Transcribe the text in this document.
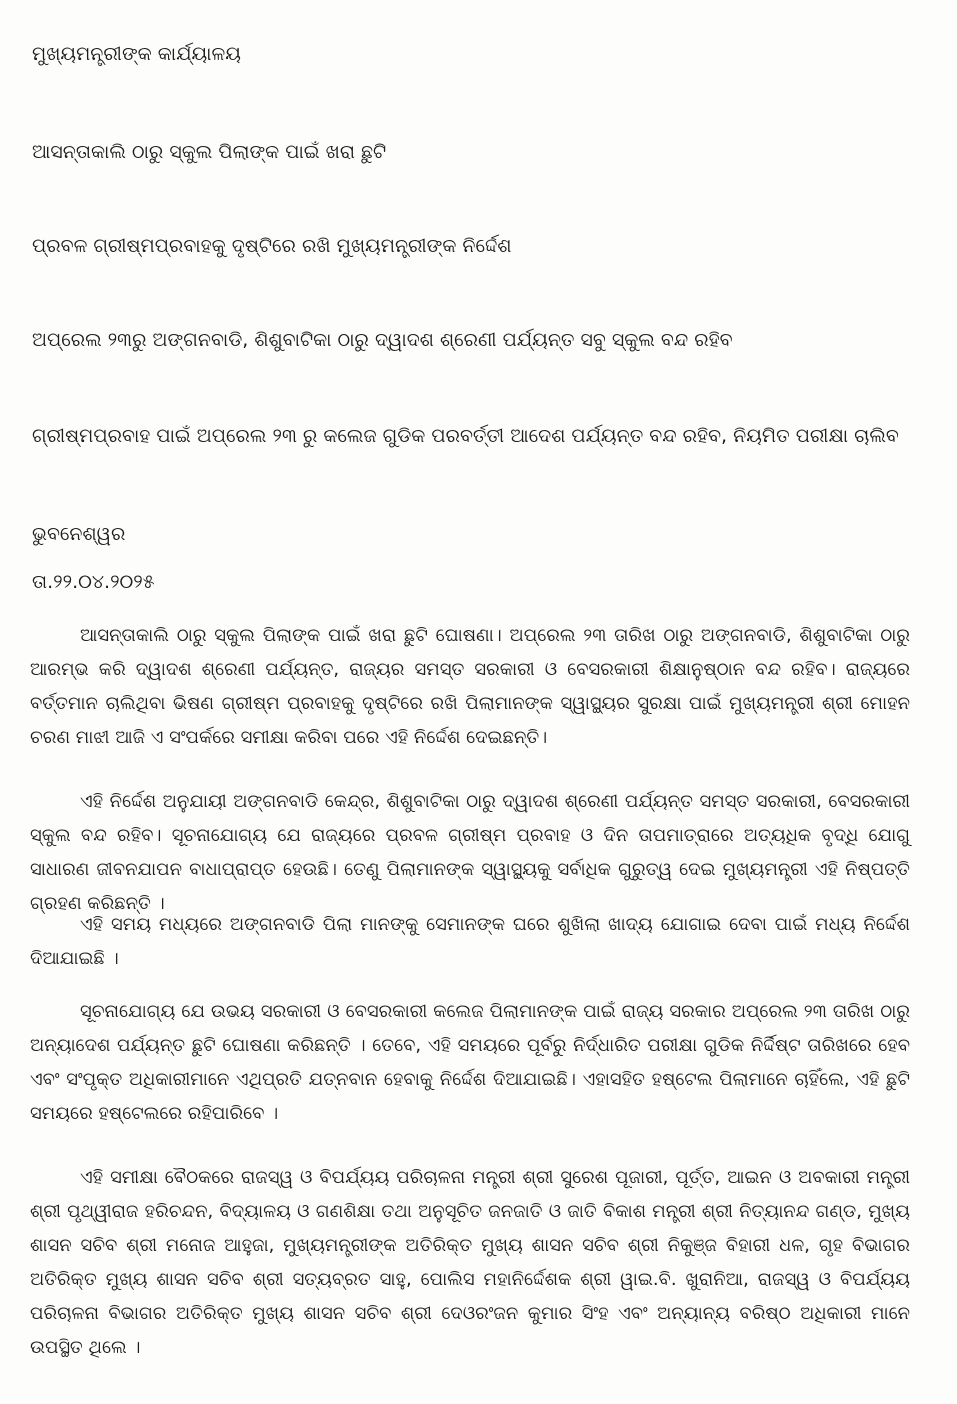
ମୁଖ୍ୟମନ୍ତ୍ରୀଙ୍କ କାର୍ଯ୍ୟାଳୟ
ଆସନ୍ତାକାଲି ଠାରୁ ସ୍କୁଲ ପିଲାଙ୍କ ପାଇଁ ଖରା ଛୁଟି
ପ୍ରବଳ ଗ୍ରୀଷ୍ମପ୍ରବାହକୁ ଦୃଷ୍ଟିରେ ରଖି ମୁଖ୍ୟମନ୍ତ୍ରୀଙ୍କ ନିର୍ଦ୍ଦେଶ
ଅପ୍ରେଲ ୨୩ରୁ ଅଙ୍ଗନବାଡି, ଶିଶୁବାଟିକା ଠାରୁ ଦ୍ୱାଦଶ ଶ୍ରେଣୀ ପର୍ଯ୍ୟନ୍ତ ସବୁ ସ୍କୁଲ ବନ୍ଦ ରହିବ
ଗ୍ରୀଷ୍ମପ୍ରବାହ ପାଇଁ ଅପ୍ରେଲ ୨୩ ରୁ କଲେଜ ଗୁଡିକ ପରବର୍ତ୍ତୀ ଆଦେଶ ପର୍ଯ୍ୟନ୍ତ ବନ୍ଦ ରହିବ, ନିୟମିତ ପରୀକ୍ଷା ଚାଲିବ
ଭୁବନେଶ୍ୱର
ତା.୨୨.୦୪.୨୦୨୫

ଆସନ୍ତାକାଲି ଠାରୁ ସ୍କୁଲ ପିଲାଙ୍କ ପାଇଁ ଖରା ଛୁଟି ଘୋଷଣା। ଅପ୍ରେଲ ୨୩ ତାରିଖ ଠାରୁ ଅଙ୍ଗନବାଡି, ଶିଶୁବାଟିକା ଠାରୁ ଆରମ୍ଭ କରି ଦ୍ୱାଦଶ ଶ୍ରେଣୀ ପର୍ଯ୍ୟନ୍ତ, ରାଜ୍ୟର ସମସ୍ତ ସରକାରୀ ଓ ବେସରକାରୀ ଶିକ୍ଷାନୁଷ୍ଠାନ ବନ୍ଦ ରହିବ। ରାଜ୍ୟରେ ବର୍ତ୍ତମାନ ଚାଲିଥିବା ଭିଷଣ ଗ୍ରୀଷ୍ମ ପ୍ରବାହକୁ ଦୃଷ୍ଟିରେ ରଖି ପିଲାମାନଙ୍କ ସ୍ୱାସ୍ଥ୍ୟର ସୁରକ୍ଷା ପାଇଁ ମୁଖ୍ୟମନ୍ତ୍ରୀ ଶ୍ରୀ ମୋହନ ଚରଣ ମାଝୀ ଆଜି ଏ ସଂପର୍କରେ ସମୀକ୍ଷା କରିବା ପରେ ଏହି ନିର୍ଦ୍ଦେଶ ଦେଇଛନ୍ତି।

ଏହି ନିର୍ଦ୍ଦେଶ ଅନୁଯାୟୀ ଅଙ୍ଗନବାଡି କେନ୍ଦ୍ର, ଶିଶୁବାଟିକା ଠାରୁ ଦ୍ୱାଦଶ ଶ୍ରେଣୀ ପର୍ଯ୍ୟନ୍ତ ସମସ୍ତ ସରକାରୀ, ବେସରକାରୀ ସ୍କୁଲ ବନ୍ଦ ରହିବ। ସୂଚନାଯୋଗ୍ୟ ଯେ ରାଜ୍ୟରେ ପ୍ରବଳ ଗ୍ରୀଷ୍ମ ପ୍ରବାହ ଓ ଦିନ ତାପମାତ୍ରାରେ ଅତ୍ୟଧିକ ବୃଦ୍ଧି ଯୋଗୁ ସାଧାରଣ ଜୀବନଯାପନ ବାଧାପ୍ରାପ୍ତ ହେଉଛି। ତେଣୁ ପିଲାମାନଙ୍କ ସ୍ୱାସ୍ଥ୍ୟକୁ ସର୍ବାଧିକ ଗୁରୁତ୍ୱ ଦେଇ ମୁଖ୍ୟମନ୍ତ୍ରୀ ଏହି ନିଷ୍ପତ୍ତି ଗ୍ରହଣ କରିଛନ୍ତି ।

ଏହି ସମୟ ମଧ୍ୟରେ ଅଙ୍ଗନବାଡି ପିଲା ମାନଙ୍କୁ ସେମାନଙ୍କ ଘରେ ଶୁଖିଲା ଖାଦ୍ୟ ଯୋଗାଇ ଦେବା ପାଇଁ ମଧ୍ୟ ନିର୍ଦ୍ଦେଶ ଦିଆଯାଇଛି ।

ସୂଚନାଯୋଗ୍ୟ ଯେ ଉଭୟ ସରକାରୀ ଓ ବେସରକାରୀ କଲେଜ ପିଲାମାନଙ୍କ ପାଇଁ ରାଜ୍ୟ ସରକାର ଅପ୍ରେଲ ୨୩ ତାରିଖ ଠାରୁ ଅନ୍ୟାଦେଶ ପର୍ଯ୍ୟନ୍ତ ଛୁଟି ଘୋଷଣା କରିଛନ୍ତି । ତେବେ, ଏହି ସମୟରେ ପୂର୍ବରୁ ନିର୍ଦ୍ଧାରିତ ପରୀକ୍ଷା ଗୁଡିକ ନିର୍ଦ୍ଦିଷ୍ଟ ତାରିଖରେ ହେବ ଏବଂ ସଂପୃକ୍ତ ଅଧିକାରୀମାନେ ଏଥିପ୍ରତି ଯତ୍ନବାନ ହେବାକୁ ନିର୍ଦ୍ଦେଶ ଦିଆଯାଇଛି। ଏହାସହିତ ହଷ୍ଟେଲ ପିଲାମାନେ ଚାହିଁଲେ, ଏହି ଛୁଟି ସମୟରେ ହଷ୍ଟେଲରେ ରହିପାରିବେ ।

ଏହି ସମୀକ୍ଷା ବୈଠକରେ ରାଜସ୍ୱ ଓ ବିପର୍ଯ୍ୟୟ ପରିଚାଳନା ମନ୍ତ୍ରୀ ଶ୍ରୀ ସୁରେଶ ପୂଜାରୀ, ପୂର୍ତ୍ତ, ଆଇନ ଓ ଅବକାରୀ ମନ୍ତ୍ରୀ ଶ୍ରୀ ପୃଥ୍ୱୀରାଜ ହରିଚନ୍ଦନ, ବିଦ୍ୟାଳୟ ଓ ଗଣଶିକ୍ଷା ତଥା ଅନୁସୂଚିତ ଜନଜାତି ଓ ଜାତି ବିକାଶ ମନ୍ତ୍ରୀ ଶ୍ରୀ ନିତ୍ୟାନନ୍ଦ ଗଣ୍ଡ, ମୁଖ୍ୟ ଶାସନ ସଚିବ ଶ୍ରୀ ମନୋଜ ଆହୁଜା, ମୁଖ୍ୟମନ୍ତ୍ରୀଙ୍କ ଅତିରିକ୍ତ ମୁଖ୍ୟ ଶାସନ ସଚିବ ଶ୍ରୀ ନିକୁଞ୍ଜ ବିହାରୀ ଧଳ, ଗୃହ ବିଭାଗର ଅତିରିକ୍ତ ମୁଖ୍ୟ ଶାସନ ସଚିବ ଶ୍ରୀ ସତ୍ୟବ୍ରତ ସାହୁ, ପୋଲିସ ମହାନିର୍ଦ୍ଦେଶକ ଶ୍ରୀ ୱାଇ.ବି. ଖୁରାନିଆ, ରାଜସ୍ୱ ଓ ବିପର୍ଯ୍ୟୟ ପରିଚାଳନା ବିଭାଗର ଅତିରିକ୍ତ ମୁଖ୍ୟ ଶାସନ ସଚିବ ଶ୍ରୀ ଦେଓରଂଜନ କୁମାର ସିଂହ ଏବଂ ଅନ୍ୟାନ୍ୟ ବରିଷ୍ଠ ଅଧିକାରୀ ମାନେ ଉପସ୍ଥିତ ଥିଲେ ।
